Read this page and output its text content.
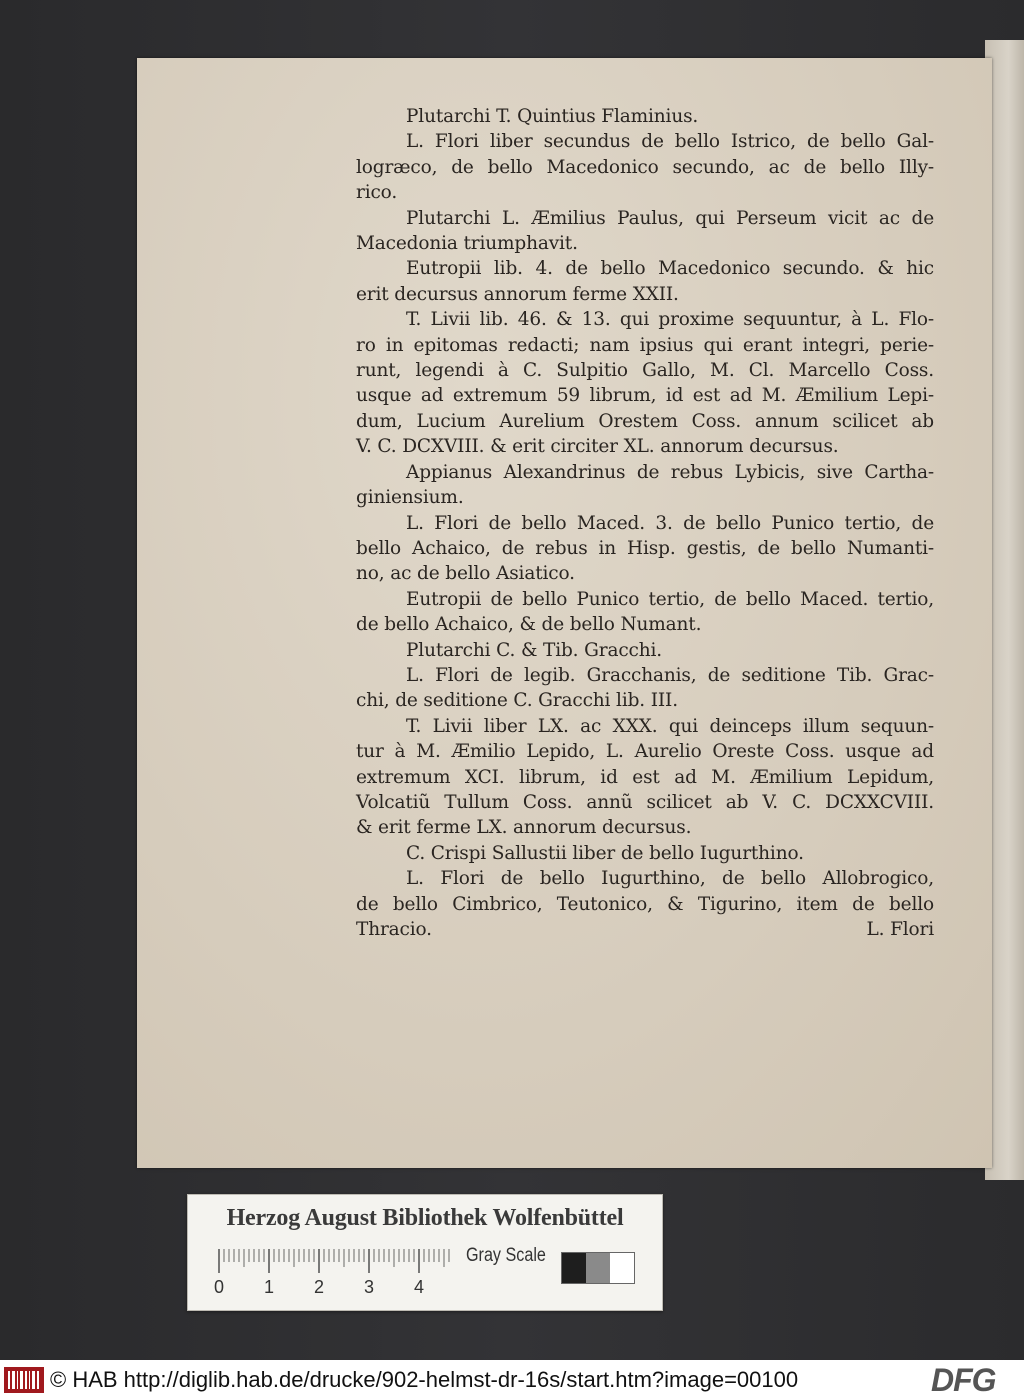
Plutarchi T. Quintius Flaminius.
L. Flori liber secundus de bello Istrico, de bello Gal-
logræco, de bello Macedonico secundo, ac de bello Illy-
rico.
Plutarchi L. Æmilius Paulus, qui Perseum vicit ac de
Macedonia triumphavit.
Eutropii lib. 4. de bello Macedonico secundo. & hic
erit decursus annorum ferme XXII.
T. Livii lib. 46. & 13. qui proxime sequuntur, à L. Flo-
ro in epitomas redacti; nam ipsius qui erant integri, perie-
runt, legendi à C. Sulpitio Gallo, M. Cl. Marcello Coss.
usque ad extremum 59 librum, id est ad M. Æmilium Lepi-
dum, Lucium Aurelium Orestem Coss. annum scilicet ab
V. C. DCXVIII. & erit circiter XL. annorum decursus.
Appianus Alexandrinus de rebus Lybicis, sive Cartha-
giniensium.
L. Flori de bello Maced. 3. de bello Punico tertio, de
bello Achaico, de rebus in Hisp. gestis, de bello Numanti-
no, ac de bello Asiatico.
Eutropii de bello Punico tertio, de bello Maced. tertio,
de bello Achaico, & de bello Numant.
Plutarchi C. & Tib. Gracchi.
L. Flori de legib. Gracchanis, de seditione Tib. Grac-
chi, de seditione C. Gracchi lib. III.
T. Livii liber LX. ac XXX. qui deinceps illum sequun-
tur à M. Æmilio Lepido, L. Aurelio Oreste Coss. usque ad
extremum XCI. librum, id est ad M. Æmilium Lepidum,
Volcatiũ Tullum Coss. annũ scilicet ab V. C. DCXXCVIII.
& erit ferme LX. annorum decursus.
C. Crispi Sallustii liber de bello Iugurthino.
L. Flori de bello Iugurthino, de bello Allobrogico,
de bello Cimbrico, Teutonico, & Tigurino, item de bello
Thracio.	L. Flori
Herzog August Bibliothek Wolfenbüttel
0 1 2 3 4
Gray Scale
© HAB http://diglib.hab.de/drucke/902-helmst-dr-16s/start.htm?image=00100	DFG
